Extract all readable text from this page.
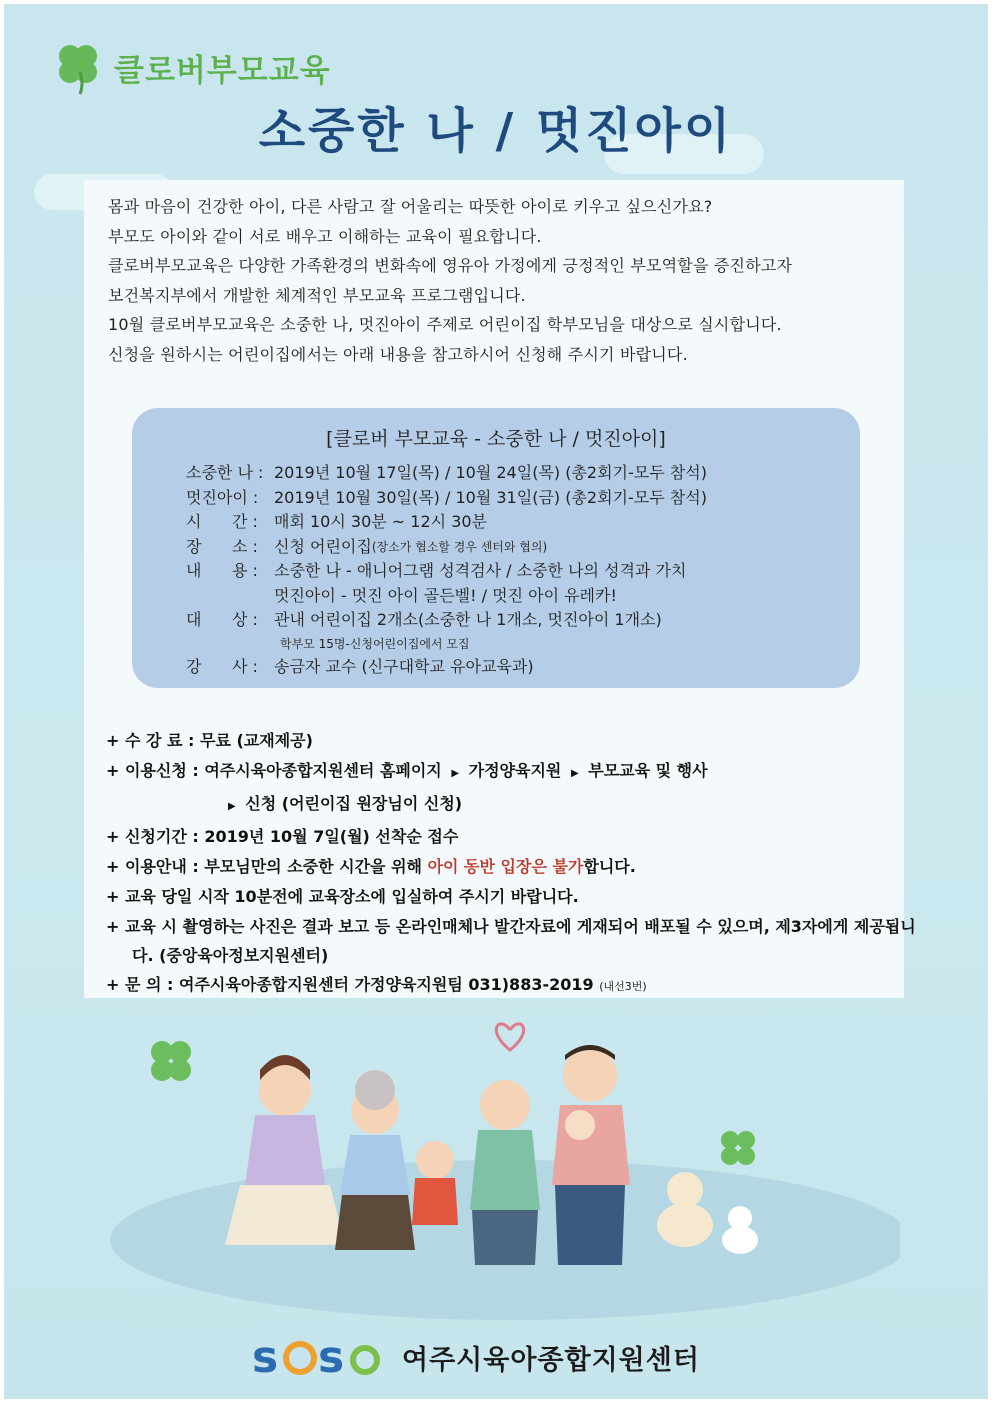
클로버부모교육
소중한 나 / 멋진아이

몸과 마음이 건강한 아이, 다른 사람고 잘 어울리는 따뜻한 아이로 키우고 싶으신가요?

부모도 아이와 같이 서로 배우고 이해하는 교육이 필요합니다.

클로버부모교육은 다양한 가족환경의 변화속에 영유아 가정에게 긍정적인 부모역할을 증진하고자

보건복지부에서 개발한 체계적인 부모교육 프로그램입니다.

10월 클로버부모교육은 소중한 나, 멋진아이 주제로 어린이집 학부모님을 대상으로 실시합니다.

신청을 원하시는 어린이집에서는 아래 내용을 참고하시어 신청해 주시기 바랍니다.

[클로버 부모교육 - 소중한 나 / 멋진아이]
소중한 나 : 2019년 10월 17일(목) / 10월 24일(목) (총2회기-모두 참석)
멋진아이 : 2019년 10월 30일(목) / 10월 31일(금) (총2회기-모두 참석)
시      간 :	매회 10시 30분 ~ 12시 30분
장      소 :	신청 어린이집 (장소가 협소할 경우 센터와 협의)
내      용 :	소중한 나 - 애니어그램 성격검사 / 소중한 나의 성격과 가치
멋진아이 - 멋진 아이 골든벨! / 멋진 아이 유레카!
대      상 :	관내 어린이집 2개소(소중한 나 1개소, 멋진아이 1개소)
학부모 15명-신청어린이집에서 모집
강      사 :	송금자 교수 (신구대학교 유아교육과)
+ 수 강 료 : 무료 (교재제공)
+ 이용신청 : 여주시육아종합지원센터 홈페이지 ▶ 가정양육지원 ▶ 부모교육 및 행사
▶ 신청 (어린이집 원장님이 신청)
+ 신청기간 : 2019년 10월 7일(월) 선착순 접수
+ 이용안내 : 부모님만의 소중한 시간을 위해 아이 동반 입장은 불가합니다.
+ 교육 당일 시작 10분전에 교육장소에 입실하여 주시기 바랍니다.
+ 교육 시 촬영하는 사진은 결과 보고 등 온라인매체나 발간자료에 게재되어 배포될 수 있으며, 제3자에게 제공됩니다. (중앙육아정보지원센터)
+ 문 의 : 여주시육아종합지원센터 가정양육지원팀 031)883-2019 (내선3번)
s s 여주시육아종합지원센터
